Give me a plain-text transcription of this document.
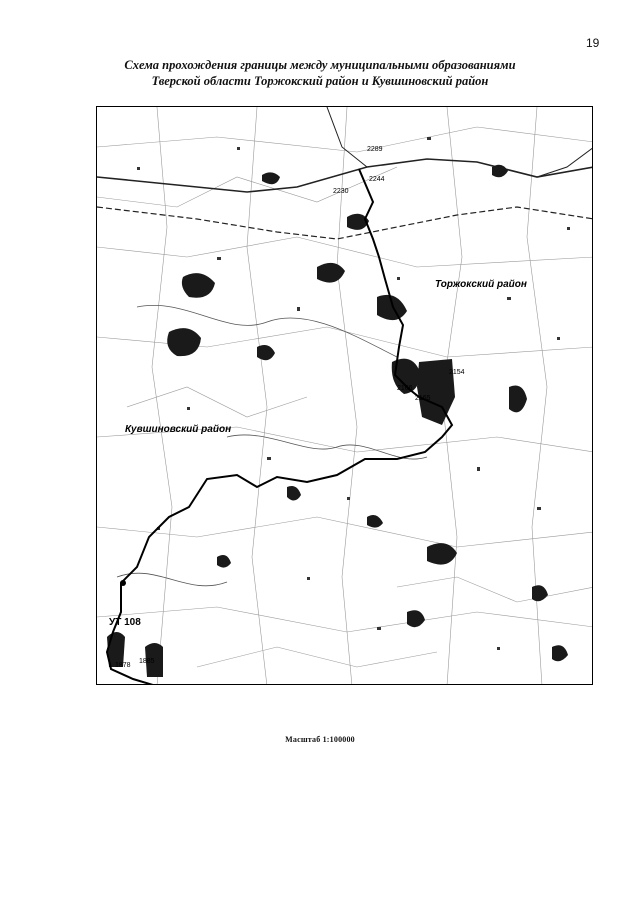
19
Схема прохождения границы между муниципальными образованиями
Тверской области Торжокский район и Кувшиновский район
2289
2244
2230
2154
2166
2165
1878
1885
Торжокский район
Кувшиновский район
УТ 108
Масштаб 1:100000
